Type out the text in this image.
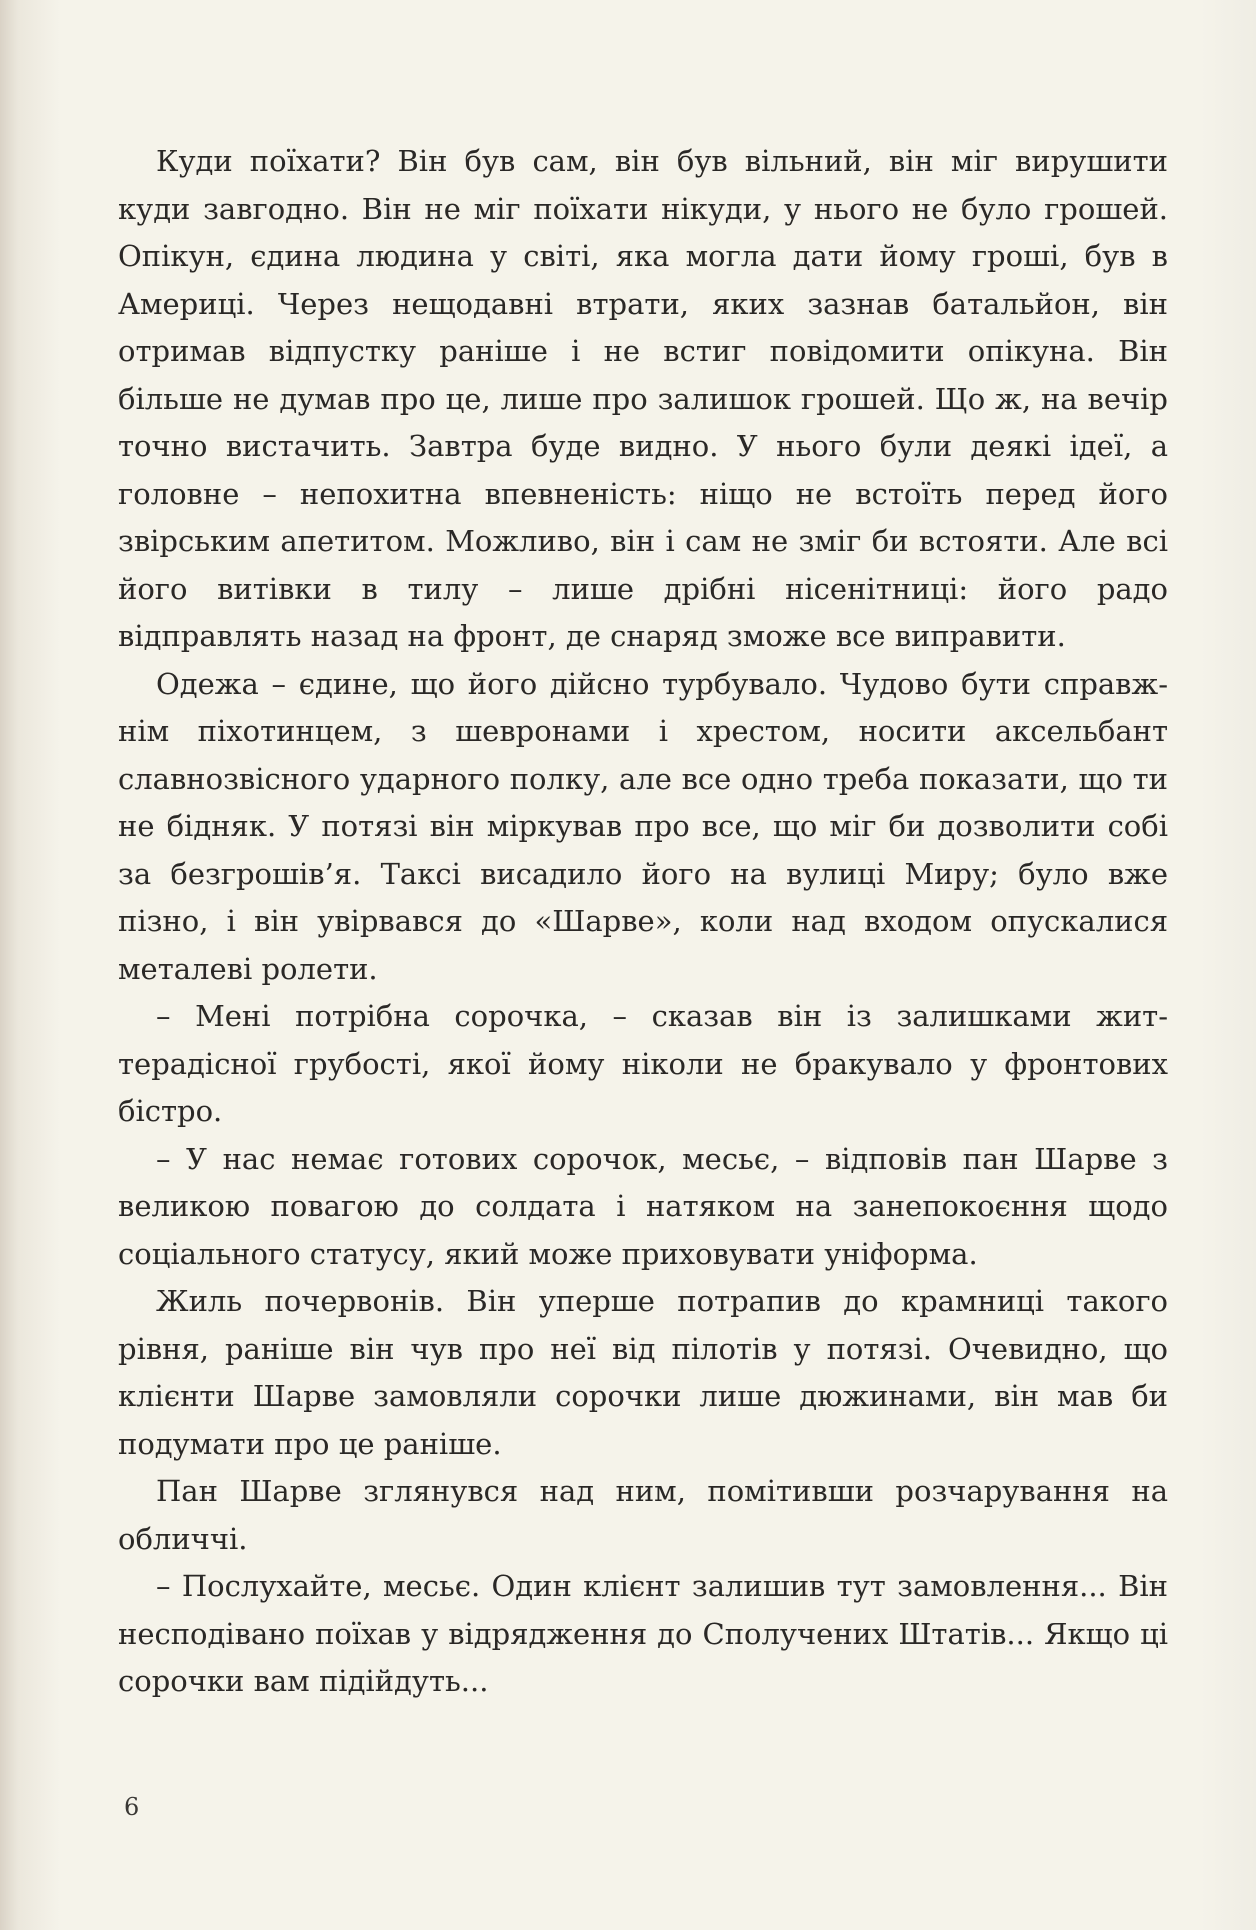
Куди поїхати? Він був сам, він був вільний, він міг вирушити куди завгодно. Він не міг поїхати нікуди, у нього не було грошей. Опікун, єдина людина у світі, яка могла дати йому гроші, був в Америці. Через нещодавні втрати, яких зазнав батальйон, він отримав відпустку раніше і не встиг повідомити опікуна. Він більше не думав про це, лише про залишок грошей. Що ж, на вечір точно вистачить. Завтра буде видно. У нього були деякі ідеї, а головне – непохитна впевненість: ніщо не встоїть перед його звірським апетитом. Можливо, він і сам не зміг би встояти. Але всі його витівки в тилу – лише дрібні нісенітниці: його радо відправлять назад на фронт, де снаряд зможе все виправити.

Одежа – єдине, що його дійсно турбувало. Чудово бути справжнім піхотинцем, з шевронами і хрестом, носити аксельбант славнозвісного ударного полку, але все одно треба показати, що ти не бідняк. У потязі він міркував про все, що міг би дозволити собі за безгрошів’я. Таксі висадило його на вулиці Миру; було вже пізно, і він увірвався до «Шарве», коли над входом опускалися металеві ролети.

– Мені потрібна сорочка, – сказав він із залишками життерадісної грубості, якої йому ніколи не бракувало у фронтових бістро.

– У нас немає готових сорочок, месьє, – відповів пан Шарве з великою повагою до солдата і натяком на занепокоєння щодо соціального статусу, який може приховувати уніформа.

Жиль почервонів. Він уперше потрапив до крамниці такого рівня, раніше він чув про неї від пілотів у потязі. Очевидно, що клієнти Шарве замовляли сорочки лише дюжинами, він мав би подумати про це раніше.

Пан Шарве зглянувся над ним, помітивши розчарування на обличчі.

– Послухайте, месьє. Один клієнт залишив тут замовлення... Він несподівано поїхав у відрядження до Сполучених Штатів... Якщо ці сорочки вам підійдуть...

6
